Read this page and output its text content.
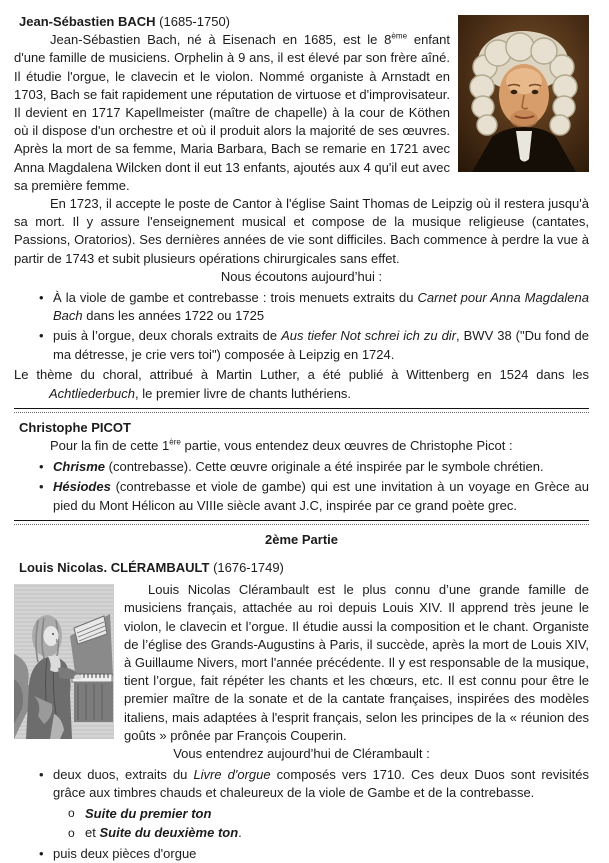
Jean-Sébastien BACH (1685-1750)

Jean-Sébastien Bach, né à Eisenach en 1685, est le 8ème enfant d'une famille de musiciens. Orphelin à 9 ans, il est élevé par son frère aîné. Il étudie l'orgue, le clavecin et le violon. Nommé organiste à Arnstadt en 1703, Bach se fait rapidement une réputation de virtuose et d'improvisateur. Il devient en 1717 Kapellmeister (maître de chapelle) à la cour de Köthen où il dispose d'un orchestre et où il produit alors la majorité de ses œuvres. Après la mort de sa femme, Maria Barbara, Bach se remarie en 1721 avec Anna Magdalena Wilcken dont il eut 13 enfants, ajoutés aux 4 qu'il eut avec sa première femme.

En 1723, il accepte le poste de Cantor à l'église Saint Thomas de Leipzig où il restera jusqu'à sa mort. Il y assure l'enseignement musical et compose de la musique religieuse (cantates, Passions, Oratorios). Ses dernières années de vie sont difficiles. Bach commence à perdre la vue à partir de 1743 et subit plusieurs opérations chirurgicales sans effet.

Nous écoutons aujourd’hui :

• À la viole de gambe et contrebasse : trois menuets extraits du Carnet pour Anna Magdalena Bach dans les années 1722 ou 1725
• puis à l’orgue, deux chorals extraits de Aus tiefer Not schrei ich zu dir, BWV 38 ("Du fond de ma détresse, je crie vers toi") composée à Leipzig en 1724.

Le thème du choral, attribué à Martin Luther, a été publié à Wittenberg en 1524 dans les Achtliederbuch, le premier livre de chants luthériens.

Christophe PICOT

Pour la fin de cette 1ère partie, vous entendez deux œuvres de Christophe Picot :

• Chrisme (contrebasse). Cette œuvre originale a été inspirée par le symbole chrétien.
• Hésiodes (contrebasse et viole de gambe) qui est une invitation à un voyage en Grèce au pied du Mont Hélicon au VIIIe siècle avant J.C, inspirée par ce grand poète grec.

2ème Partie

Louis Nicolas. CLÉRAMBAULT (1676-1749)

Louis Nicolas Clérambault est le plus connu d’une grande famille de musiciens français, attachée au roi depuis Louis XIV. Il apprend très jeune le violon, le clavecin et l’orgue. Il étudie aussi la composition et le chant. Organiste de l’église des Grands-Augustins à Paris, il succède, après la mort de Louis XIV, à Guillaume Nivers, mort l'année précédente. Il y est responsable de la musique, tient l’orgue, fait répéter les chants et les chœurs, etc. Il est connu pour être le premier maître de la sonate et de la cantate françaises, inspirées des modèles italiens, mais adaptées à l'esprit français, selon les principes de la « réunion des goûts » prônée par François Couperin.

Vous entendrez aujourd’hui de Clérambault :

• deux duos, extraits du Livre d'orgue composés vers 1710. Ces deux Duos sont revisités grâce aux timbres chauds et chaleureux de la viole de Gambe et de la contrebasse.
o Suite du premier ton
o et Suite du deuxième ton.
• puis deux pièces d'orgue
